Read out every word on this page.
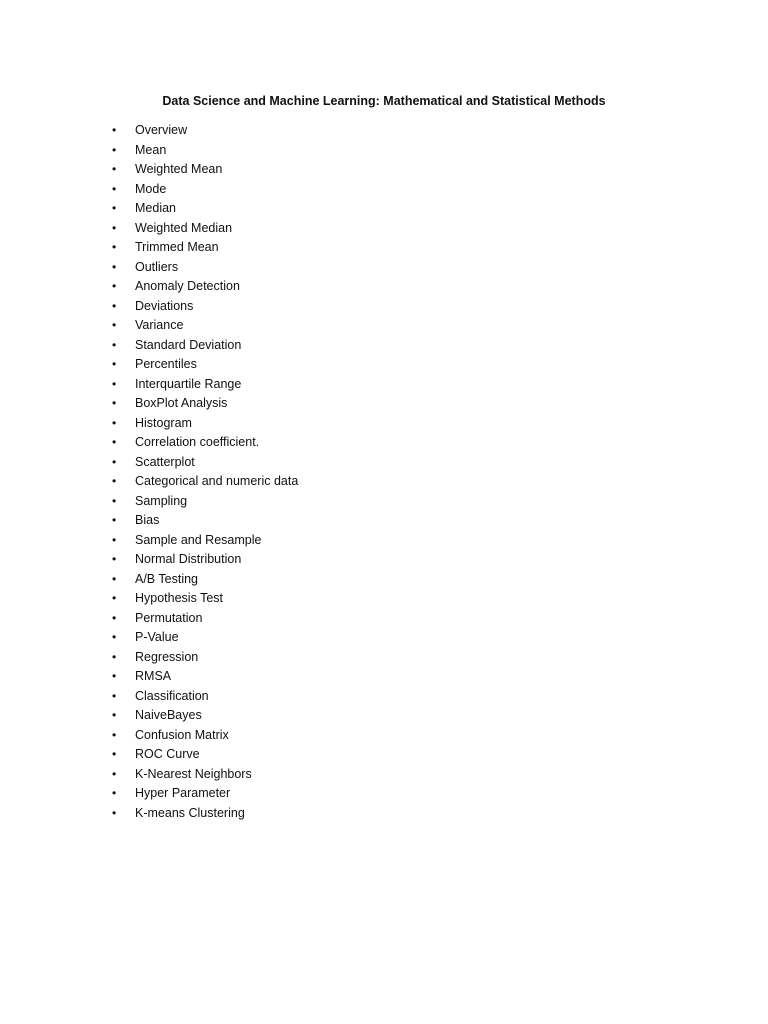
Data Science and Machine Learning: Mathematical and Statistical Methods
•	Overview
•	Mean
•	Weighted Mean
•	Mode
•	Median
•	Weighted Median
•	Trimmed Mean
•	Outliers
•	Anomaly Detection
•	Deviations
•	Variance
•	Standard Deviation
•	Percentiles
•	Interquartile Range
•	BoxPlot Analysis
•	Histogram
•	Correlation coefficient.
•	Scatterplot
•	Categorical and numeric data
•	Sampling
•	Bias
•	Sample and Resample
•	Normal Distribution
•	A/B Testing
•	Hypothesis Test
•	Permutation
•	P-Value
•	Regression
•	RMSA
•	Classification
•	NaiveBayes
•	Confusion Matrix
•	ROC Curve
•	K-Nearest Neighbors
•	Hyper Parameter
•	K-means Clustering
